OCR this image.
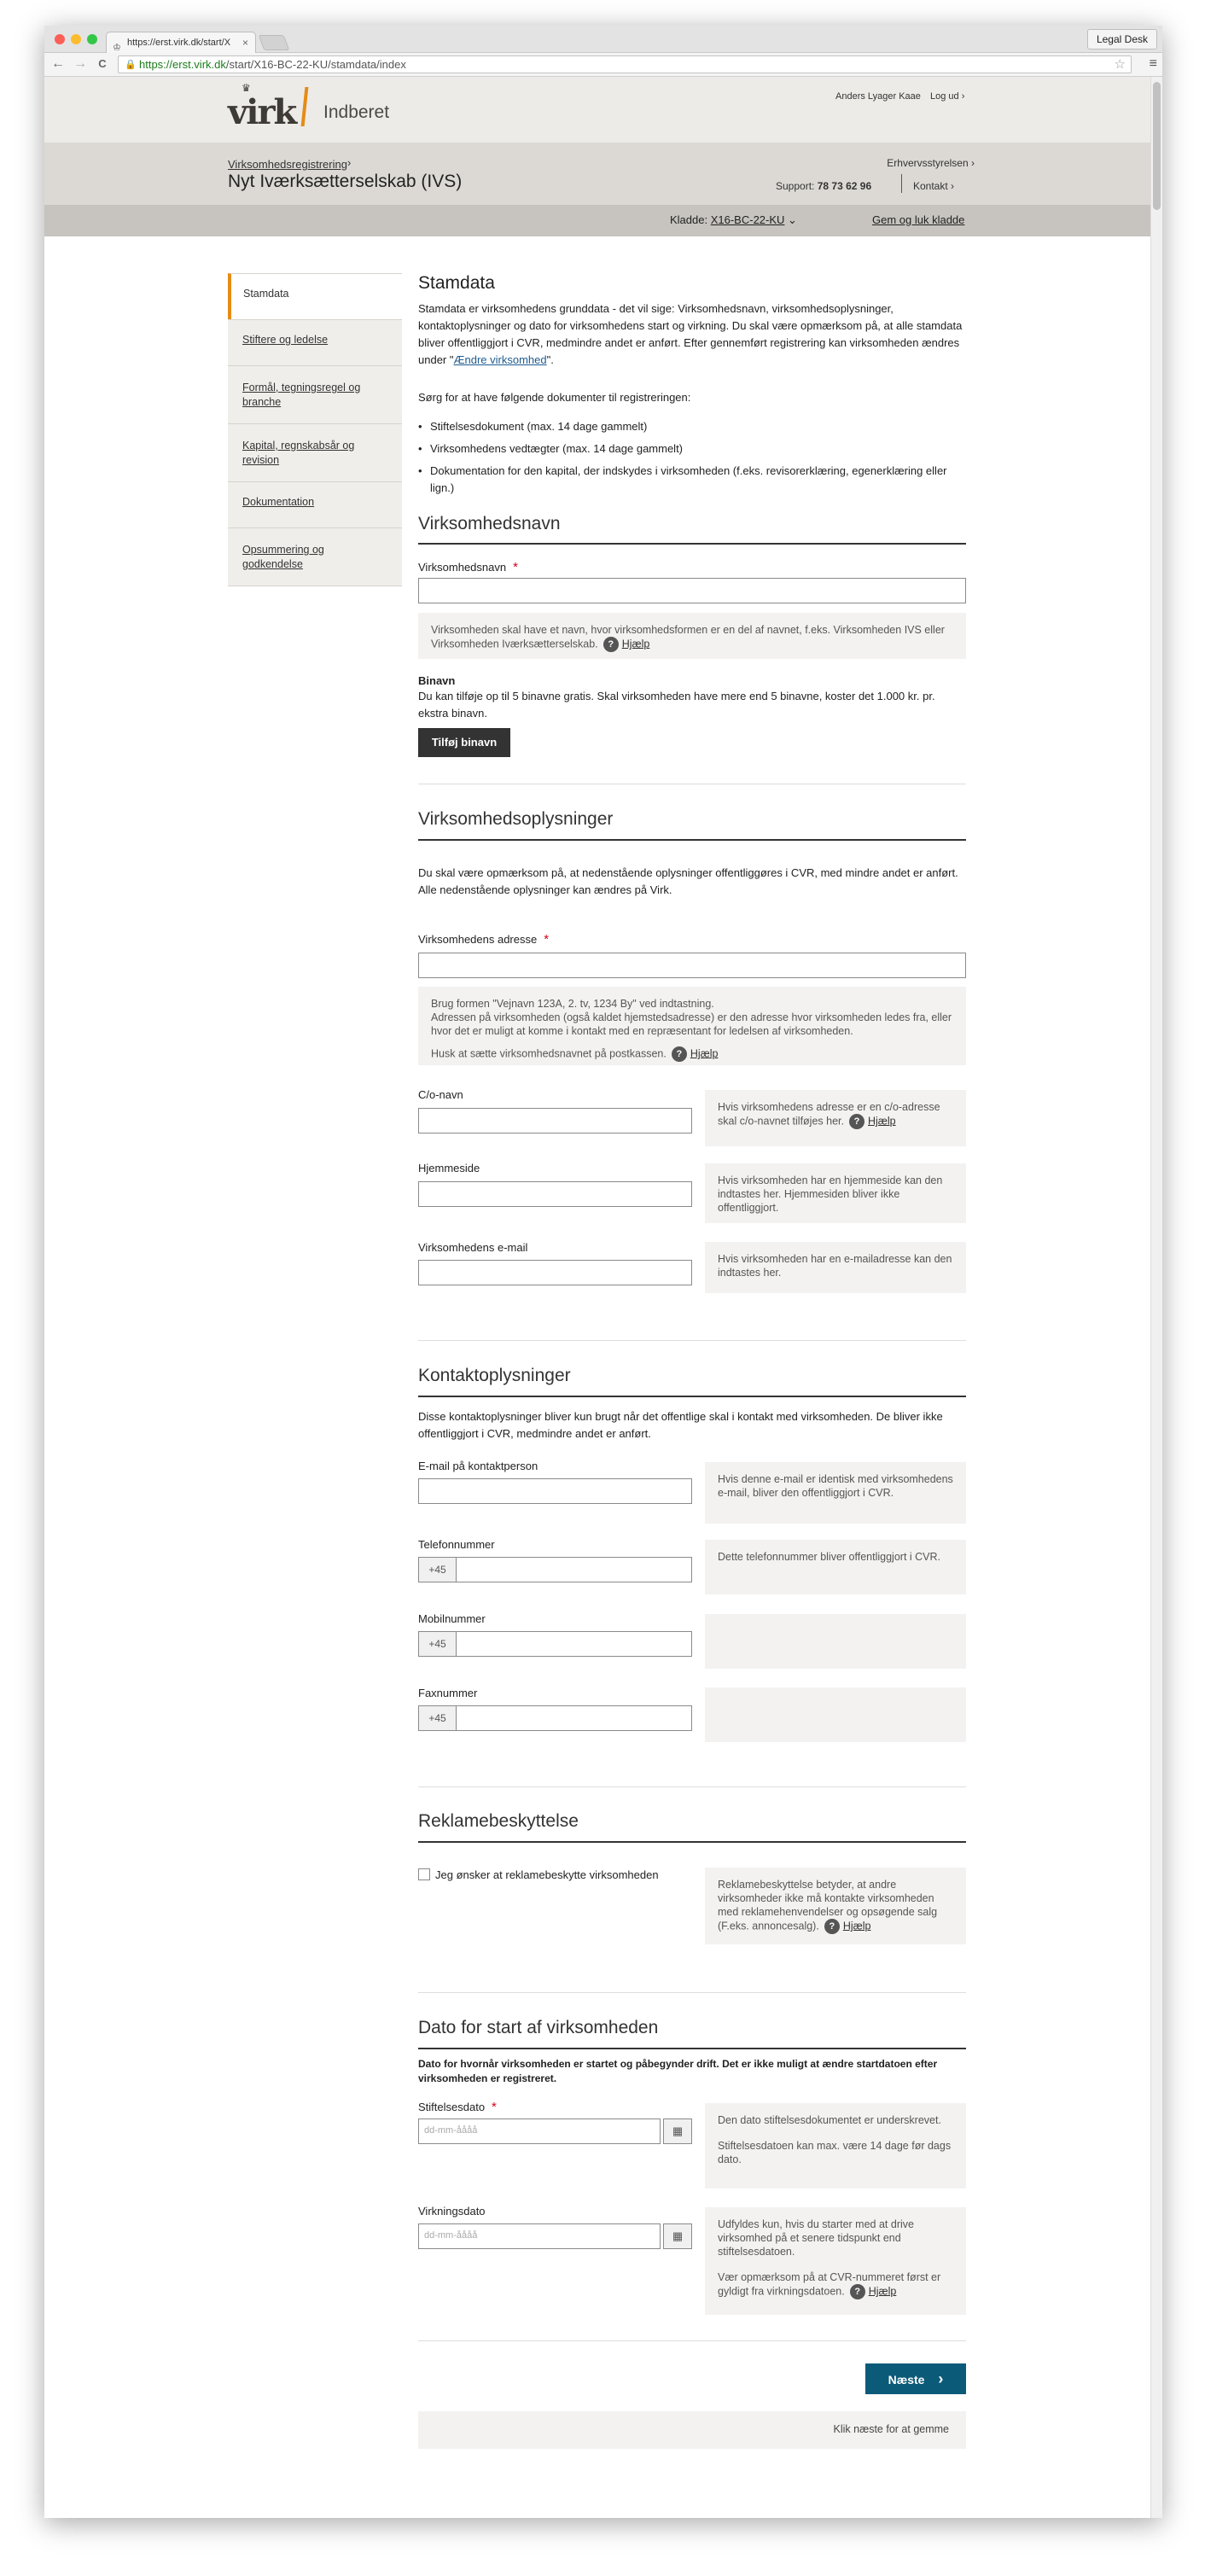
♔ https://erst.virk.dk/start/X ×	Legal Desk
← →	C	🔒 https://erst.virk.dk/start/X16-BC-22-KU/stamdata/index	☆ ≡
♛
virk Indberet
Anders Lyager Kaae Log ud ›
Virksomhedsregistrering ›
Nyt Iværksætterselskab (IVS)
Erhvervsstyrelsen ›
Support: 78 73 62 96	Kontakt ›
Kladde: X16-BC-22-KU ⌄	Gem og luk kladde
Stamdata
Stiftere og ledelse
Formål, tegningsregel og branche
Kapital, regnskabsår og revision
Dokumentation
Opsummering og godkendelse
Stamdata
Stamdata er virksomhedens grunddata - det vil sige: Virksomhedsnavn, virksomhedsoplysninger, kontaktoplysninger og dato for virksomhedens start og virkning. Du skal være opmærksom på, at alle stamdata bliver offentliggjort i CVR, medmindre andet er anført. Efter gennemført registrering kan virksomheden ændres under "Ændre virksomhed".
Sørg for at have følgende dokumenter til registreringen:
• Stiftelsesdokument (max. 14 dage gammelt)
• Virksomhedens vedtægter (max. 14 dage gammelt)
• Dokumentation for den kapital, der indskydes i virksomheden (f.eks. revisorerklæring, egenerklæring eller lign.)
Virksomhedsnavn
Virksomhedsnavn *
Virksomheden skal have et navn, hvor virksomhedsformen er en del af navnet, f.eks. Virksomheden IVS eller Virksomheden Iværksætterselskab. ? Hjælp
Binavn
Du kan tilføje op til 5 binavne gratis. Skal virksomheden have mere end 5 binavne, koster det 1.000 kr. pr. ekstra binavn.
Tilføj binavn
Virksomhedsoplysninger
Du skal være opmærksom på, at nedenstående oplysninger offentliggøres i CVR, med mindre andet er anført.
Alle nedenstående oplysninger kan ændres på Virk.
Virksomhedens adresse *
Brug formen "Vejnavn 123A, 2. tv, 1234 By" ved indtastning.
Adressen på virksomheden (også kaldet hjemstedsadresse) er den adresse hvor virksomheden ledes fra, eller hvor det er muligt at komme i kontakt med en repræsentant for ledelsen af virksomheden.
Husk at sætte virksomhedsnavnet på postkassen. ? Hjælp
C/o-navn
Hvis virksomhedens adresse er en c/o-adresse skal c/o-navnet tilføjes her. ? Hjælp
Hjemmeside
Hvis virksomheden har en hjemmeside kan den indtastes her. Hjemmesiden bliver ikke offentliggjort.
Virksomhedens e-mail
Hvis virksomheden har en e-mailadresse kan den indtastes her.
Kontaktoplysninger
Disse kontaktoplysninger bliver kun brugt når det offentlige skal i kontakt med virksomheden. De bliver ikke offentliggjort i CVR, medmindre andet er anført.
E-mail på kontaktperson
Hvis denne e-mail er identisk med virksomhedens e-mail, bliver den offentliggjort i CVR.
Telefonnummer
+45
Dette telefonnummer bliver offentliggjort i CVR.
Mobilnummer
+45
Faxnummer
+45
Reklamebeskyttelse
Jeg ønsker at reklamebeskytte virksomheden
Reklamebeskyttelse betyder, at andre virksomheder ikke må kontakte virksomheden med reklamehenvendelser og opsøgende salg (F.eks. annoncesalg). ? Hjælp
Dato for start af virksomheden
Dato for hvornår virksomheden er startet og påbegynder drift. Det er ikke muligt at ændre startdatoen efter virksomheden er registreret.
Stiftelsesdato *
dd-mm-åååå	▦
Den dato stiftelsesdokumentet er underskrevet.
Stiftelsesdatoen kan max. være 14 dage før dags dato.
Virkningsdato
dd-mm-åååå	▦
Udfyldes kun, hvis du starter med at drive virksomhed på et senere tidspunkt end stiftelsesdatoen.
Vær opmærksom på at CVR-nummeret først er gyldigt fra virkningsdatoen. ? Hjælp
Næste ›
Klik næste for at gemme
